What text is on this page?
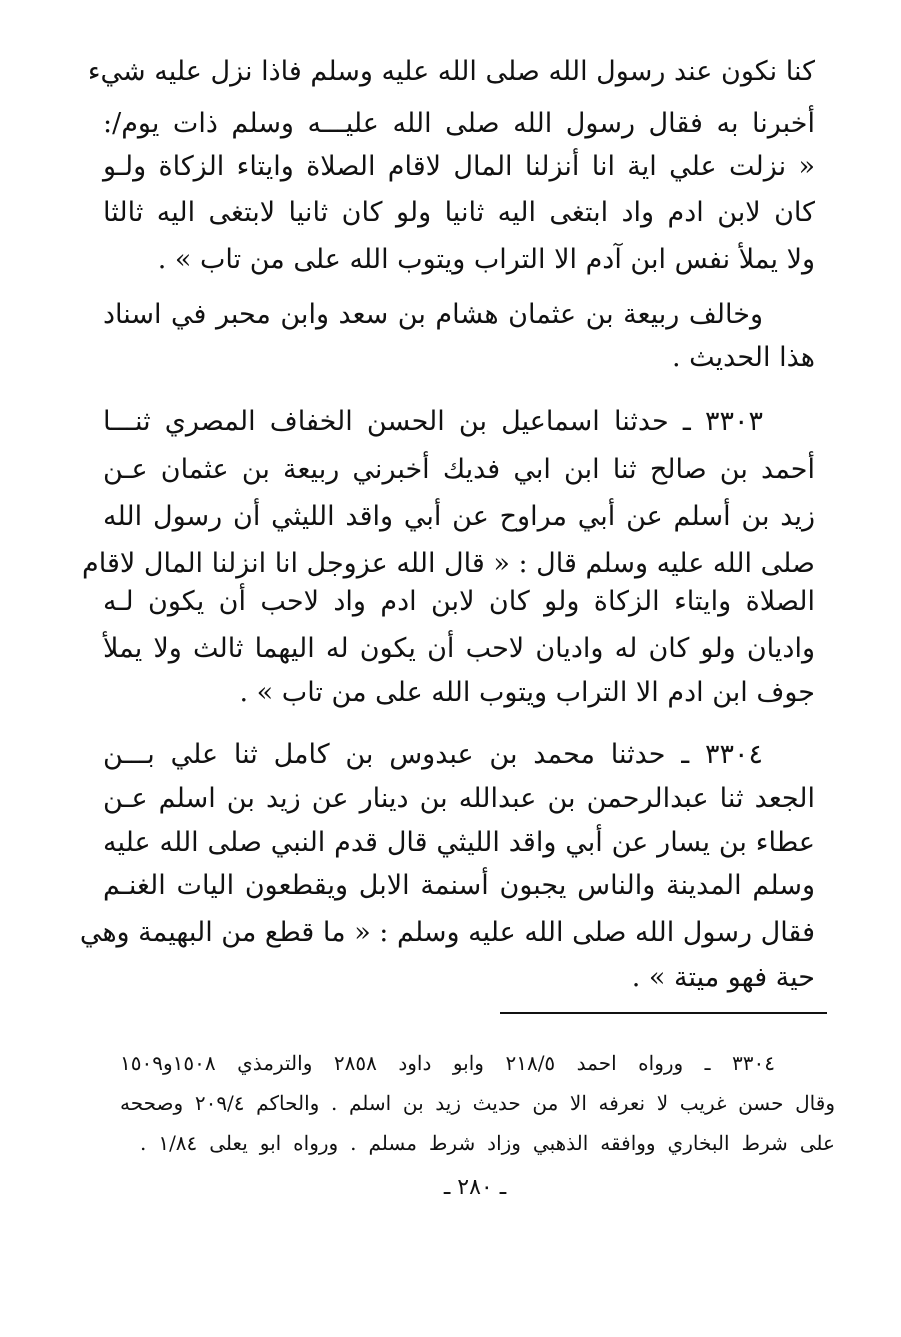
كنا نكون عند رسول الله صلى الله عليه وسلم فاذا نزل عليه شيء
أخبرنا به فقال رسول الله صلى الله عليـــه وسلم ذات يوم/:
« نزلت علي اية انا أنزلنا المال لاقام الصلاة وايتاء الزكاة ولـو
كان لابن ادم واد ابتغى اليه ثانيا ولو كان ثانيا لابتغى اليه ثالثا
ولا يملأ نفس ابن آدم الا التراب ويتوب الله على من تاب » .
وخالف ربيعة بن عثمان هشام بن سعد وابن محبر في اسناد
هذا الحديث .
٣٣٠٣ ـ حدثنا اسماعيل بن الحسن الخفاف المصري ثنـــا
أحمد بن صالح ثنا ابن ابي فديك أخبرني ربيعة بن عثمان عـن
زيد بن أسلم عن أبي مراوح عن أبي واقد الليثي أن رسول الله
صلى الله عليه وسلم قال : « قال الله عزوجل انا انزلنا المال لاقام
الصلاة وايتاء الزكاة ولو كان لابن ادم واد لاحب أن يكون لـه
واديان ولو كان له واديان لاحب أن يكون له اليهما ثالث ولا يملأ
جوف ابن ادم الا التراب ويتوب الله على من تاب » .
٣٣٠٤ ـ حدثنا محمد بن عبدوس بن كامل ثنا علي بـــن
الجعد ثنا عبدالرحمن بن عبدالله بن دينار عن زيد بن اسلم عـن
عطاء بن يسار عن أبي واقد الليثي قال قدم النبي صلى الله عليه
وسلم المدينة والناس يجبون أسنمة الابل ويقطعون اليات الغنـم
فقال رسول الله صلى الله عليه وسلم : « ما قطع من البهيمة وهي
حية فهو ميتة » .
٣٣٠٤ ـ ورواه احمد ٢١٨/٥ وابو داود ٢٨٥٨ والترمذي ١٥٠٨و١٥٠٩
وقال حسن غريب لا نعرفه الا من حديث زيد بن اسلم . والحاكم ٢٠٩/٤ وصححه
على شرط البخاري ووافقه الذهبي وزاد شرط مسلم . ورواه ابو يعلى ١/٨٤ .
ـ ٢٨٠ ـ
